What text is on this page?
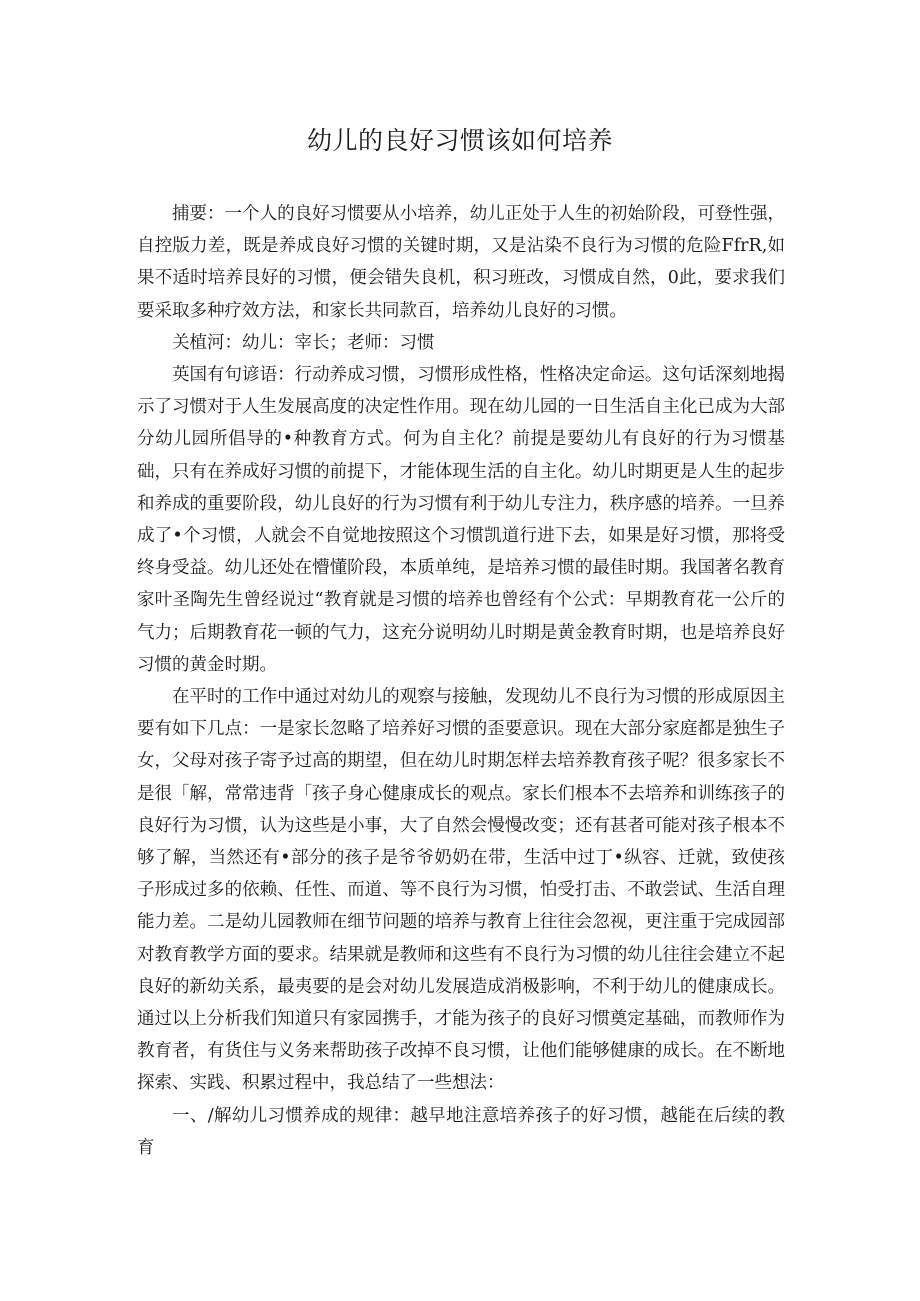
幼儿的良好习惯该如何培养

捕要：一个人的良好习惯要从小培养，幼儿正处于人生的初始阶段，可登性强，自控版力差，既是养成良好习惯的关键时期，又是沾染不良行为习惯的危险FfrR,如果不适时培养艮好的习惯，便会错失良机，积习班改，习惯成自然，0此，要求我们要采取多种疗效方法，和家长共同款百，培养幼儿良好的习惯。

关植河：幼儿：宰长；老师：习惯

英国有句谚语：行动养成习惯，习惯形成性格，性格决定命运。这句话深刻地揭示了习惯对于人生发展高度的决定性作用。现在幼儿园的一日生活自主化已成为大部分幼儿园所倡导的•种教育方式。何为自主化？前提是要幼儿有良好的行为习惯基础，只有在养成好习惯的前提下，才能体现生活的自主化。幼儿时期更是人生的起步和养成的重要阶段，幼儿良好的行为习惯有利于幼儿专注力，秩序感的培养。一旦养成了•个习惯，人就会不自觉地按照这个习惯凯道行进下去，如果是好习惯，那将受终身受益。幼儿还处在懵懂阶段，本质单纯，是培养习惯的最佳时期。我国著名教育家叶圣陶先生曾经说过“教育就是习惯的培养也曾经有个公式：早期教育花一公斤的气力；后期教育花一顿的气力，这充分说明幼儿时期是黄金教育时期，也是培养良好习惯的黄金时期。

在平时的工作中通过对幼儿的观察与接触，发现幼儿不良行为习惯的形成原因主要有如下几点：一是家长忽略了培养好习惯的歪要意识。现在大部分家庭都是独生子女，父母对孩子寄予过高的期望，但在幼儿时期怎样去培养教育孩子呢？很多家长不是很「解，常常违背「孩子身心健康成长的观点。家长们根本不去培养和训练孩子的良好行为习惯，认为这些是小事，大了自然会慢慢改变；还有甚者可能对孩子根本不够了解，当然还有•部分的孩子是爷爷奶奶在带，生活中过丁•纵容、迁就，致使孩子形成过多的依赖、任性、而道、等不良行为习惯，怕受打击、不敢尝试、生活自理能力差。二是幼儿园教师在细节问题的培养与教育上往往会忽视，更注重于完成园部对教育教学方面的要求。结果就是教师和这些有不良行为习惯的幼儿往往会建立不起良好的新幼关系，最夷要的是会对幼儿发展造成消极影响，不利于幼儿的健康成长。通过以上分析我们知道只有家园携手，才能为孩子的良好习惯奠定基础，而教师作为教育者，有货住与义务来帮助孩子改掉不良习惯，让他们能够健康的成长。在不断地探索、实践、积累过程中，我总结了一些想法：

一、/解幼儿习惯养成的规律：越早地注意培养孩子的好习惯，越能在后续的教育
